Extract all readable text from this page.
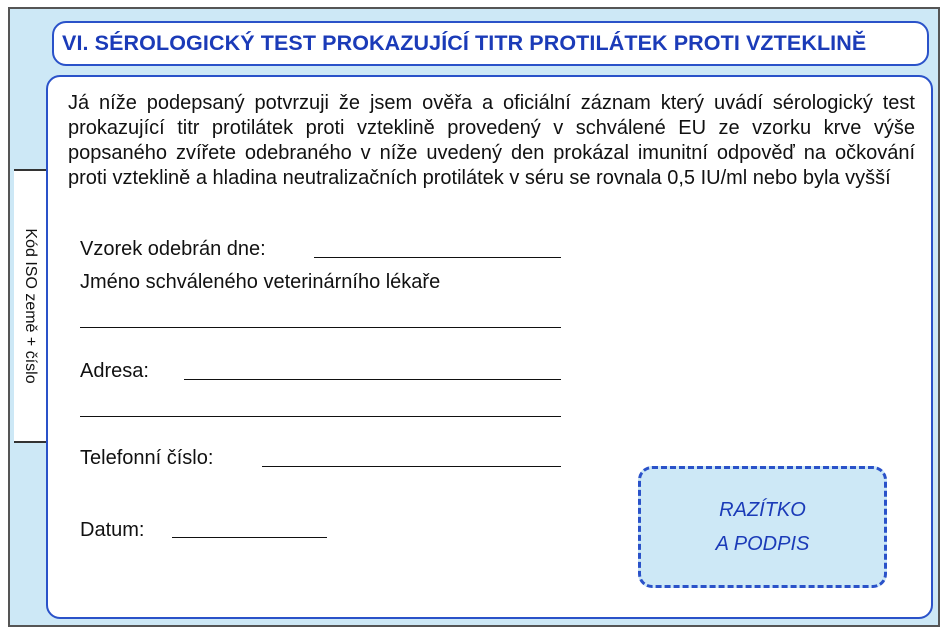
VI. SÉROLOGICKÝ TEST PROKAZUJÍCÍ TITR PROTILÁTEK PROTI VZTEKLINĚ
Kód ISO země + číslo

Já níže podepsaný potvrzuji že jsem ověřa a oficiální záznam který uvádí sérologický test prokazující titr protilátek proti vzteklině provedený v schválené EU ze vzorku krve výše popsaného zvířete odebraného v níže uvedený den prokázal imunitní odpověď na očkování proti vzteklině a hladina neutralizačních protilátek v séru se rovnala 0,5 IU/ml nebo byla vyšší

Vzorek odebrán dne:
Jméno schváleného veterinárního lékaře
Adresa:
Telefonní číslo:
Datum:
RAZÍTKO
A PODPIS
